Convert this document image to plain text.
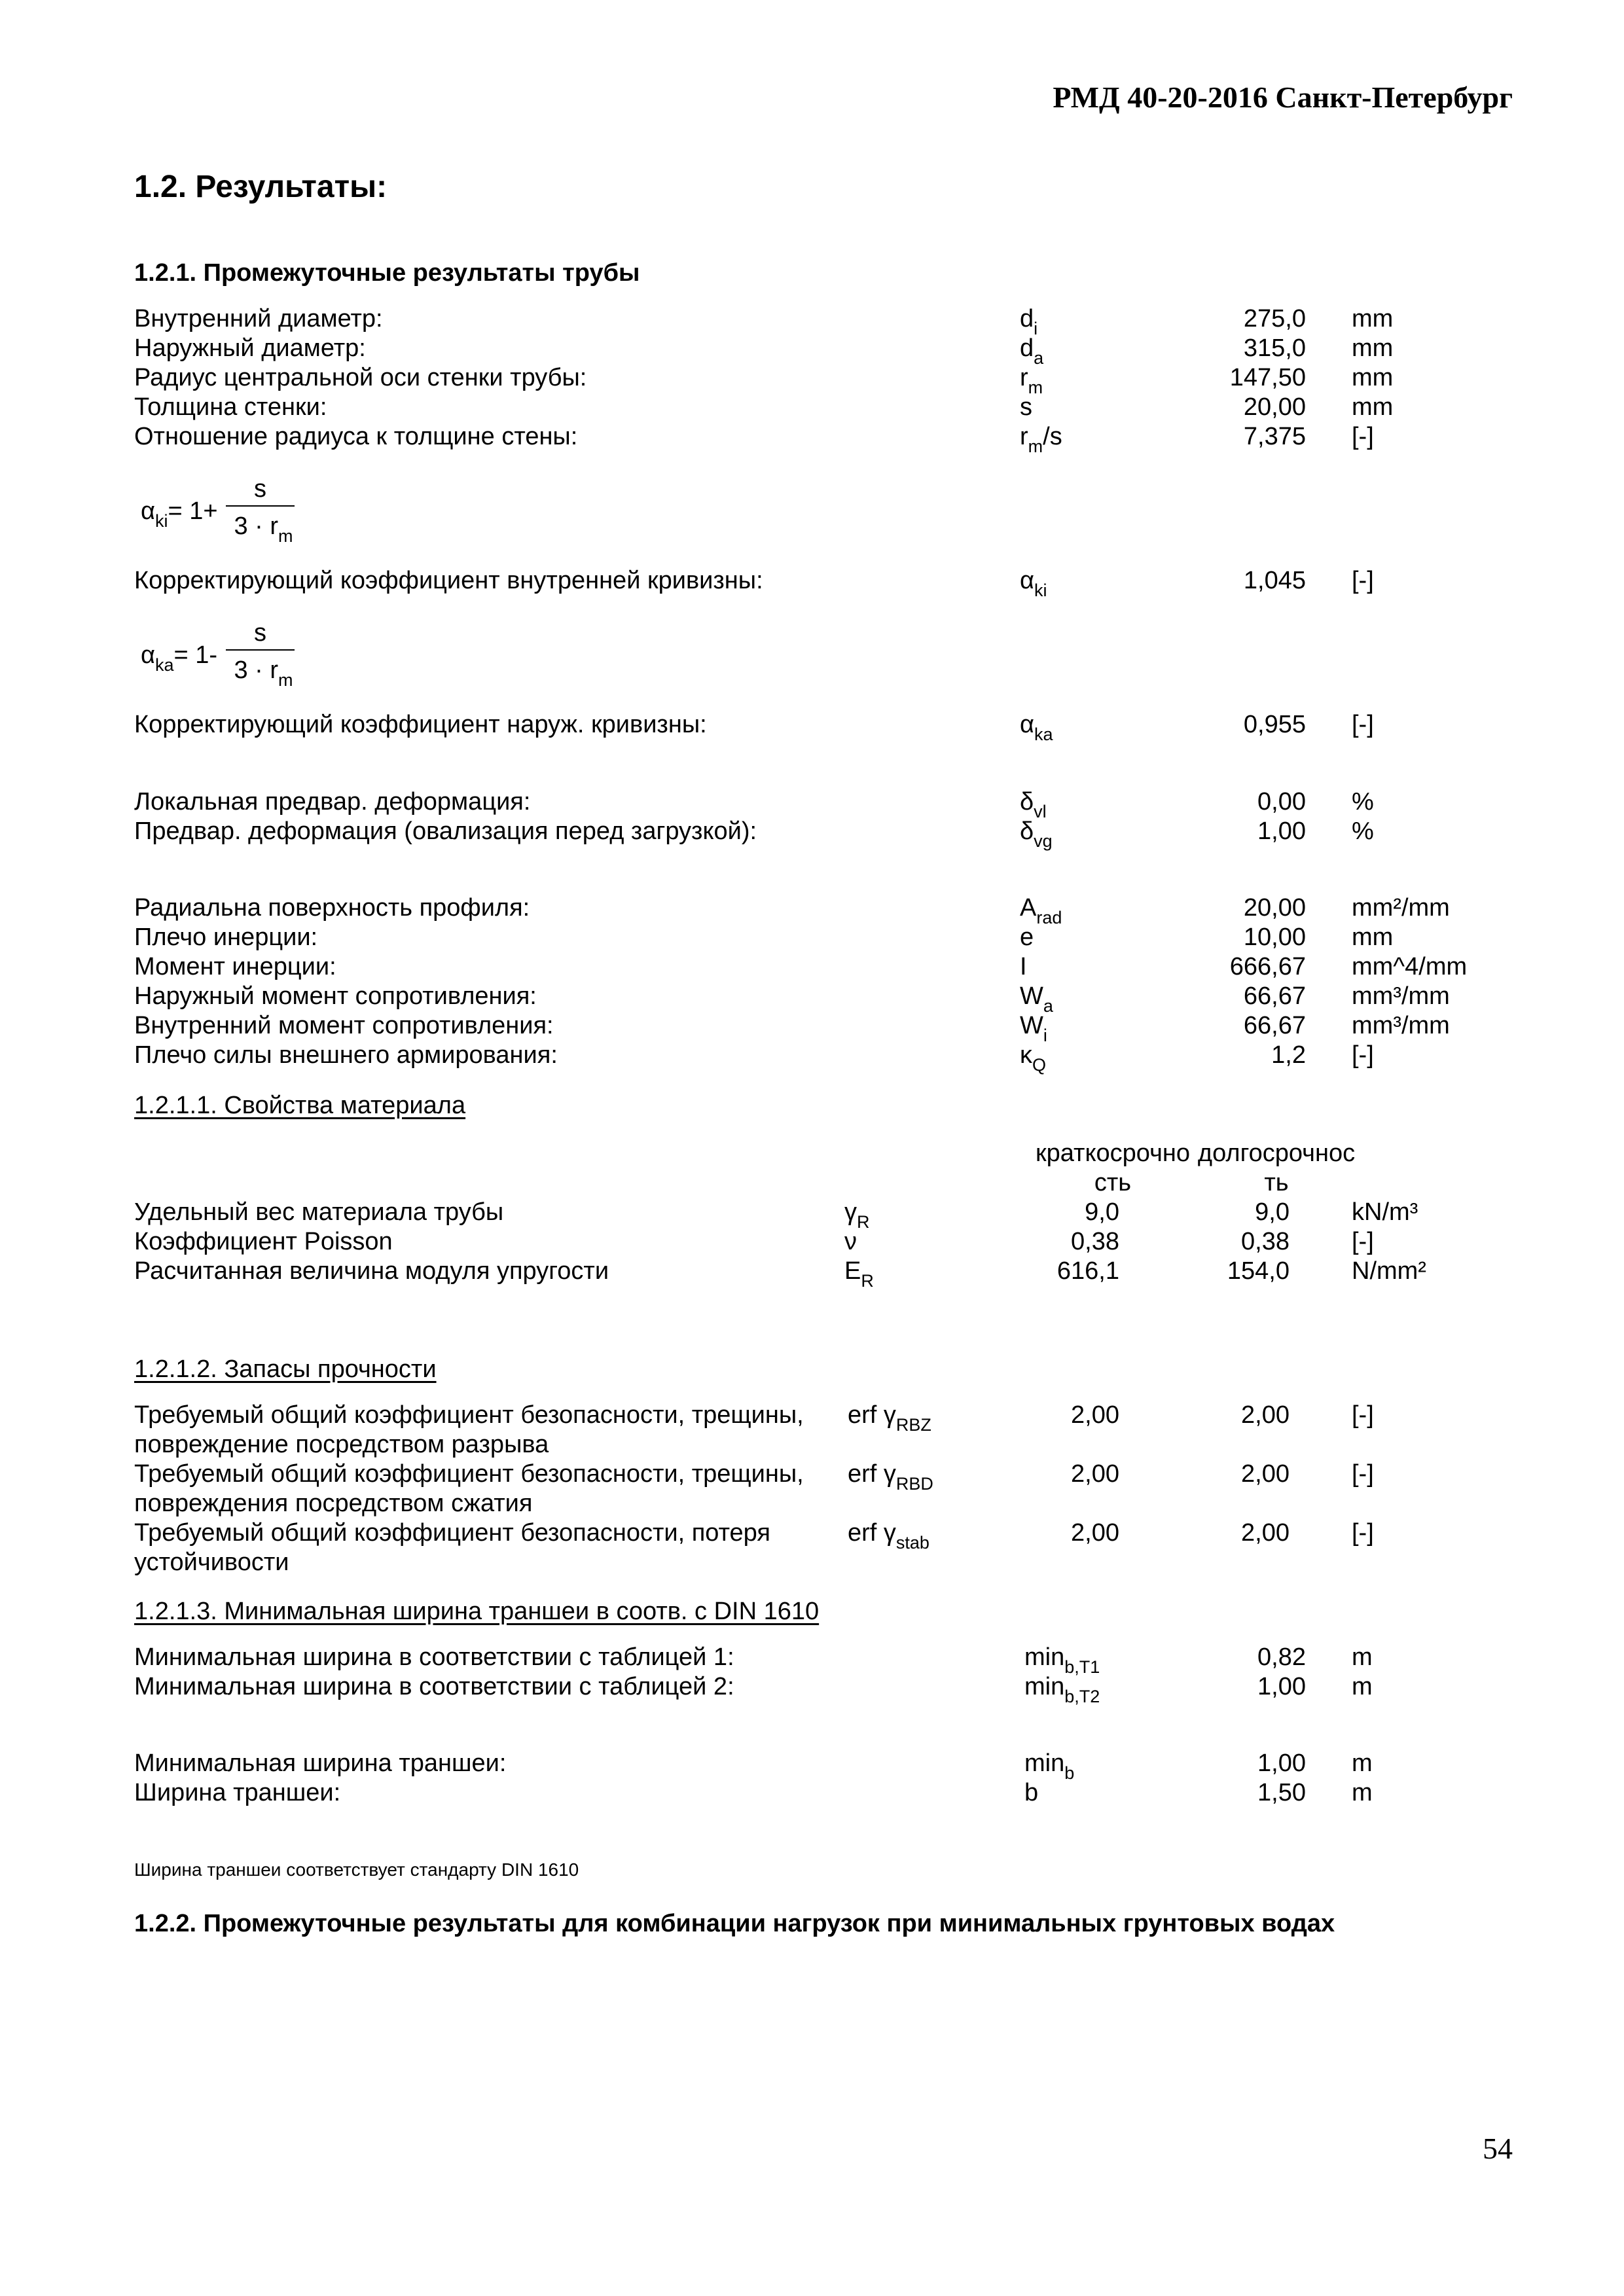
РМД 40-20-2016 Санкт-Петербург
1.2. Результаты:
1.2.1. Промежуточные результаты трубы
Внутренний диаметр:	$d_i$	275,0 mm
Наружный диаметр:	$d_a$	315,0 mm
Радиус центральной оси стенки трубы:	$r_m$	147,50 mm
Толщина стенки:	s	20,00 mm
Отношение радиуса к толщине стены:	$r_m/s$	7,375 [-]
$\alpha_{ki}= 1+$
s
$3 \cdot r_m$
Корректирующий коэффициент внутренней кривизны:	$\alpha_{ki}$	1,045 [-]
$\alpha_{ka}= 1-$
s
$3 \cdot r_m$
Корректирующий коэффициент наруж. кривизны:	$\alpha_{ka}$	0,955 [-]
Локальная предвар. деформация:	$\delta_{vl}$	0,00 %
Предвар. деформация (овализация перед загрузкой):	$\delta_{vg}$	1,00 %
Радиальна поверхность профиля:	$A_{rad}$	20,00 mm²/mm
Плечо инерции:	e	10,00 mm
Момент инерции:	I	666,67 mm^4/mm
Наружный момент сопротивления:	$W_a$	66,67 mm³/mm
Внутренний момент сопротивления:	$W_i$	66,67 mm³/mm
Плечо силы внешнего армирования:	$\kappa_Q$	1,2 [-]
1.2.1.1. Свойства материала
краткосрочно
сть
долгосрочнос
ть
Удельный вес материала трубы	$\gamma_R$	9,0	9,0	kN/m³
Коэффициент Poisson	ν	0,38	0,38	[-]
Расчитанная величина модуля упругости	$E_R$	616,1	154,0	N/mm²
1.2.1.2. Запасы прочности
Требуемый общий коэффициент безопасности, трещины,
повреждение посредством разрыва
erf $\gamma_{RBZ}$	2,00	2,00	[-]
Требуемый общий коэффициент безопасности, трещины,
повреждения посредством сжатия
erf $\gamma_{RBD}$	2,00	2,00	[-]
Требуемый общий коэффициент безопасности, потеря
устойчивости
erf $\gamma_{stab}$	2,00	2,00	[-]
1.2.1.3. Минимальная ширина траншеи в соотв. с DIN 1610
Минимальная ширина в соответствии с таблицей 1:	$\min_{b,T1}$	0,82 m
Минимальная ширина в соответствии с таблицей 2:	$\min_{b,T2}$	1,00 m
Минимальная ширина траншеи:	$\min_b$	1,00 m
Ширина траншеи:	b	1,50 m
Ширина траншеи соответствует стандарту DIN 1610
1.2.2. Промежуточные результаты для комбинации нагрузок при минимальных грунтовых водах
54
